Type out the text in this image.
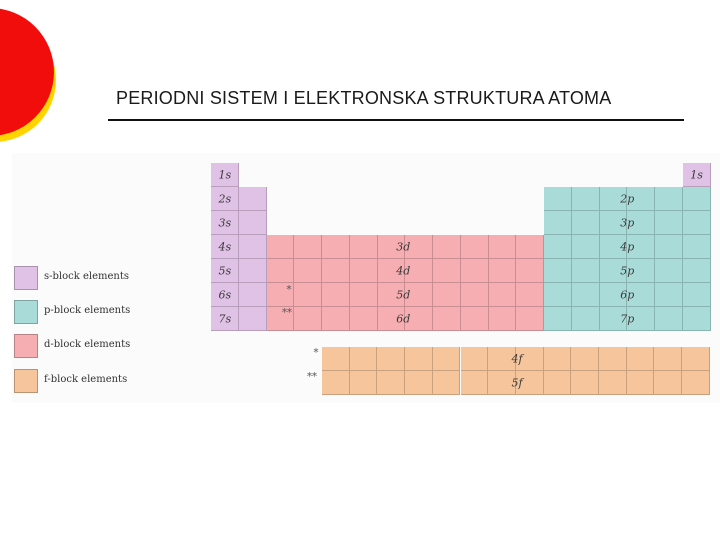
PERIODNI SISTEM I ELEKTRONSKA STRUKTURA ATOMA
1s	1s
2s
3s
4s
5s
6s
7s
2p
3p
4p
5p
6p
7p
3d
4d
5d
6d
4f
5f
*
**
*
**
s-block elements
p-block elements
d-block elements
f-block elements
